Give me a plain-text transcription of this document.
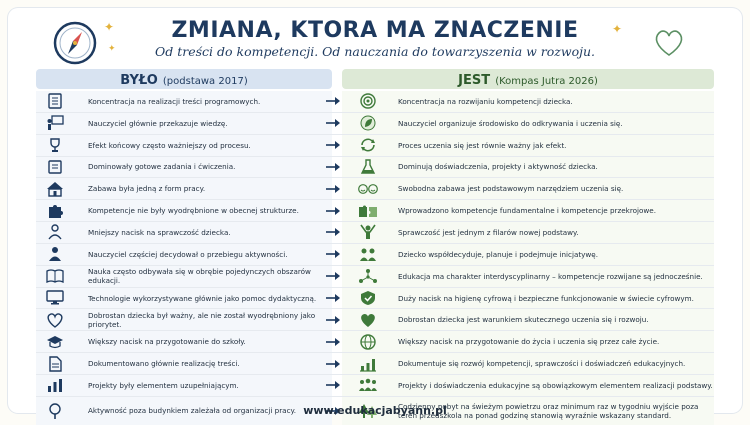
✦
✦
✦
ZMIANA, KTORA MA ZNACZENIE
Od treści do kompetencji. Od nauczania do towarzyszenia w rozwoju.
BYŁO (podstawa 2017)	JEST (Kompas Jutra 2026)
Koncentracja na realizacji treści programowych.	Koncentracja na rozwijaniu kompetencji dziecka.
Nauczyciel głównie przekazuje wiedzę.	Nauczyciel organizuje środowisko do odkrywania i uczenia się.
Efekt końcowy często ważniejszy od procesu.	Proces uczenia się jest równie ważny jak efekt.
Dominowały gotowe zadania i ćwiczenia.	Dominują doświadczenia, projekty i aktywność dziecka.
Zabawa była jedną z form pracy.	Swobodna zabawa jest podstawowym narzędziem uczenia się.
Kompetencje nie były wyodrębnione w obecnej strukturze.	Wprowadzono kompetencje fundamentalne i kompetencje przekrojowe.
Mniejszy nacisk na sprawczość dziecka.	Sprawczość jest jednym z filarów nowej podstawy.
Nauczyciel częściej decydował o przebiegu aktywności.	Dziecko współdecyduje, planuje i podejmuje inicjatywę.
Nauka często odbywała się w obrębie pojedynczych obszarów edukacji.	Edukacja ma charakter interdyscyplinarny – kompetencje rozwijane są jednocześnie.
Technologie wykorzystywane głównie jako pomoc dydaktyczną.	Duży nacisk na higienę cyfrową i bezpieczne funkcjonowanie w świecie cyfrowym.
Dobrostan dziecka był ważny, ale nie został wyodrębniony jako priorytet.	Dobrostan dziecka jest warunkiem skutecznego uczenia się i rozwoju.
Większy nacisk na przygotowanie do szkoły.	Większy nacisk na przygotowanie do życia i uczenia się przez całe życie.
Dokumentowano głównie realizację treści.	Dokumentuje się rozwój kompetencji, sprawczości i doświadczeń edukacyjnych.
Projekty były elementem uzupełniającym.	Projekty i doświadczenia edukacyjne są obowiązkowym elementem realizacji podstawy.
Aktywność poza budynkiem zależała od organizacji pracy.	Codzienny pobyt na świeżym powietrzu oraz minimum raz w tygodniu wyjście poza teren przedszkola na ponad godzinę stanowią wyraźnie wskazany standard.
www.edukacjabyann.pl
